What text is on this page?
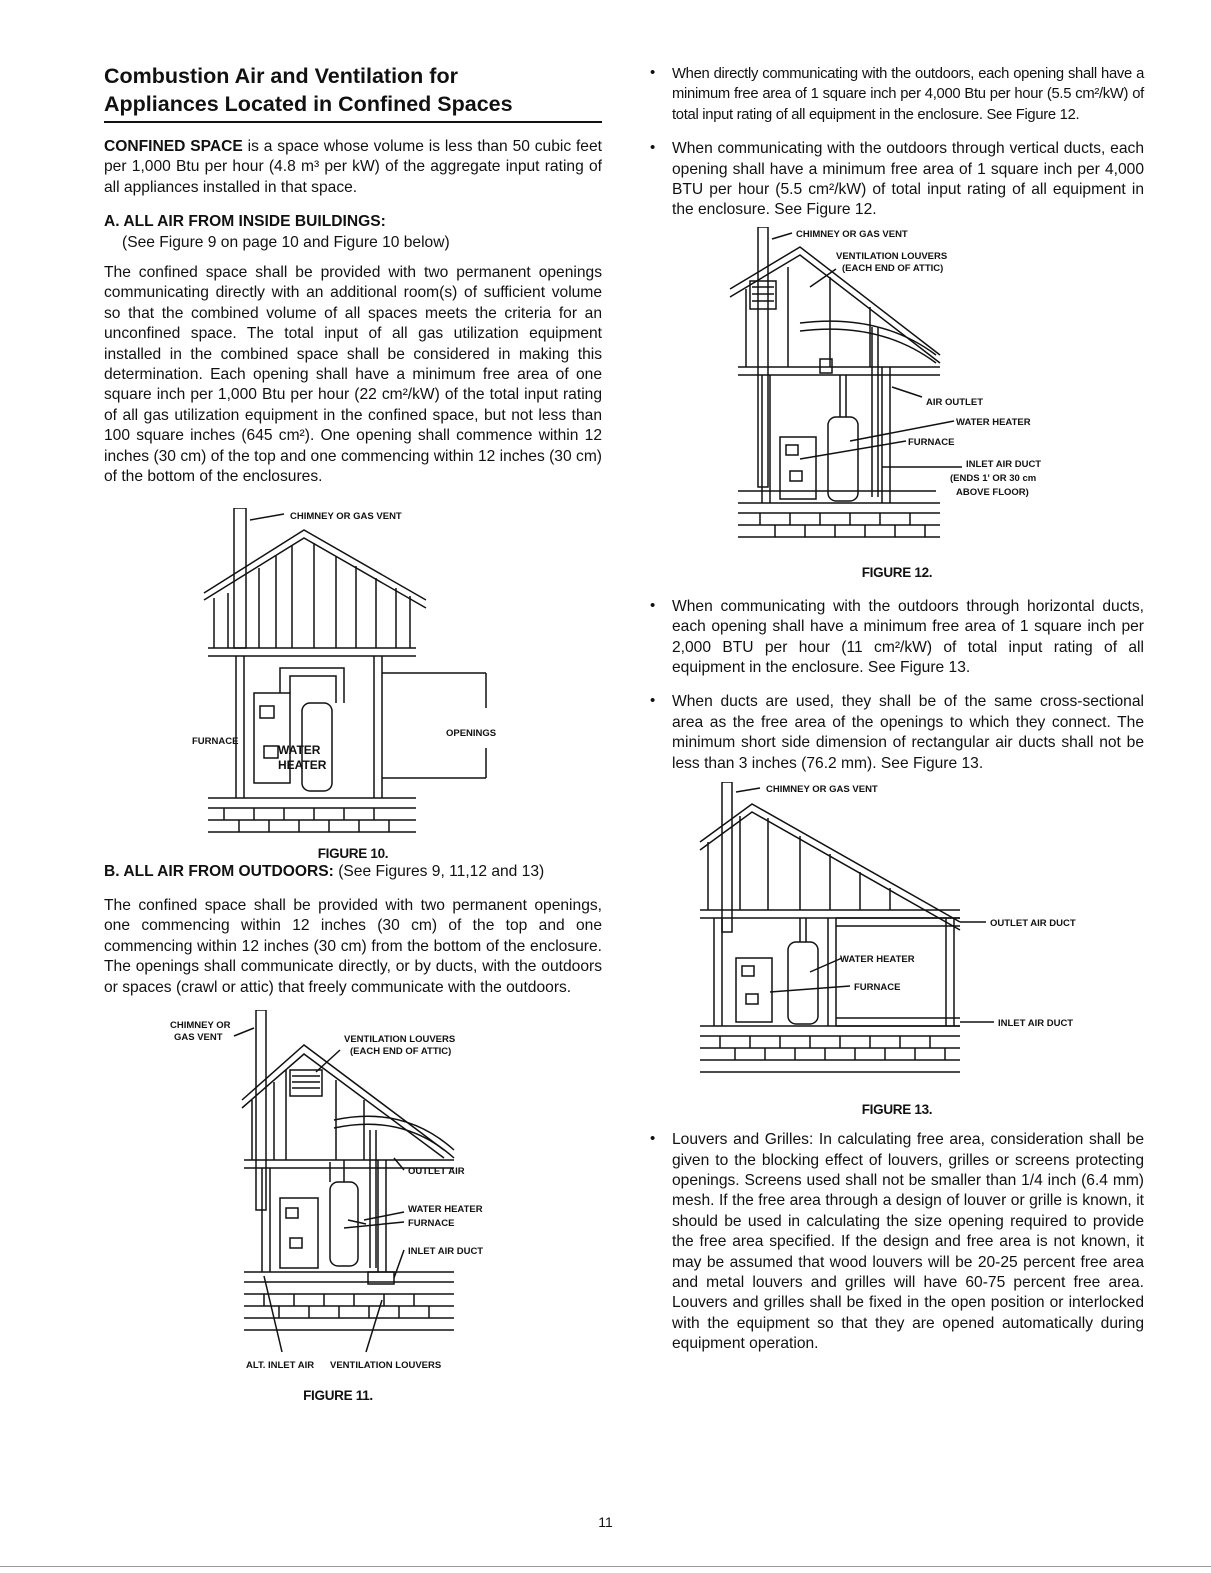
Combustion Air and Ventilation for
Appliances Located in Confined Spaces

CONFINED SPACE is a space whose volume is less than 50 cubic feet per 1,000 Btu per hour (4.8 m³ per kW) of the aggregate input rating of all appliances installed in that space.

A. ALL AIR FROM INSIDE BUILDINGS:
(See Figure 9 on page 10 and Figure 10 below)

The confined space shall be provided with two permanent openings communicating directly with an additional room(s) of sufficient volume so that the combined volume of all spaces meets the criteria for an unconfined space. The total input of all gas utilization equipment installed in the combined space shall be considered in making this determination. Each opening shall have a minimum free area of one square inch per 1,000 Btu per hour (22 cm²/kW) of the total input rating of all gas utilization equipment in the confined space, but not less than 100 square inches (645 cm²). One opening shall commence within 12 inches (30 cm) of the top and one commencing within 12 inches (30 cm) of the bottom of the enclosures.

CHIMNEY OR GAS VENT
FURNACE
WATER
HEATER
OPENINGS
FIGURE 10.

B. ALL AIR FROM OUTDOORS: (See Figures 9, 11,12 and 13)

The confined space shall be provided with two permanent openings, one commencing within 12 inches (30 cm) of the top and one commencing within 12 inches (30 cm) from the bottom of the enclosure. The openings shall communicate directly, or by ducts, with the outdoors or spaces (crawl or attic) that freely communicate with the outdoors.

CHIMNEY OR
GAS VENT	VENTILATION LOUVERS
(EACH END OF ATTIC)
OUTLET AIR
WATER HEATER
FURNACE
INLET AIR DUCT
ALT. INLET AIR VENTILATION LOUVERS
FIGURE 11.
• When directly communicating with the outdoors, each opening shall have a minimum free area of 1 square inch per 4,000 Btu per hour (5.5 cm²/kW) of total input rating of all equipment in the enclosure. See Figure 12.

• When communicating with the outdoors through vertical ducts, each opening shall have a minimum free area of 1 square inch per 4,000 BTU per hour (5.5 cm²/kW) of total input rating of all equipment in the enclosure. See Figure 12.

CHIMNEY OR GAS VENT
VENTILATION LOUVERS
(EACH END OF ATTIC)
AIR OUTLET
WATER HEATER
FURNACE
INLET AIR DUCT
(ENDS 1' OR 30 cm
ABOVE FLOOR)
FIGURE 12.
• When communicating with the outdoors through horizontal ducts, each opening shall have a minimum free area of 1 square inch per 2,000 BTU per hour (11 cm²/kW) of total input rating of all equipment in the enclosure. See Figure 13.

• When ducts are used, they shall be of the same cross-sectional area as the free area of the openings to which they connect. The minimum short side dimension of rectangular air ducts shall not be less than 3 inches (76.2 mm). See Figure 13.

CHIMNEY OR GAS VENT
OUTLET AIR DUCT
WATER HEATER
FURNACE
INLET AIR DUCT
FIGURE 13.
• Louvers and Grilles: In calculating free area, consideration shall be given to the blocking effect of louvers, grilles or screens protecting openings. Screens used shall not be smaller than 1/4 inch (6.4 mm) mesh. If the free area through a design of louver or grille is known, it should be used in calculating the size opening required to provide the free area specified. If the design and free area is not known, it may be assumed that wood louvers will be 20-25 percent free area and metal louvers and grilles will have 60-75 percent free area. Louvers and grilles shall be fixed in the open position or interlocked with the equipment so that they are opened automatically during equipment operation.

11
